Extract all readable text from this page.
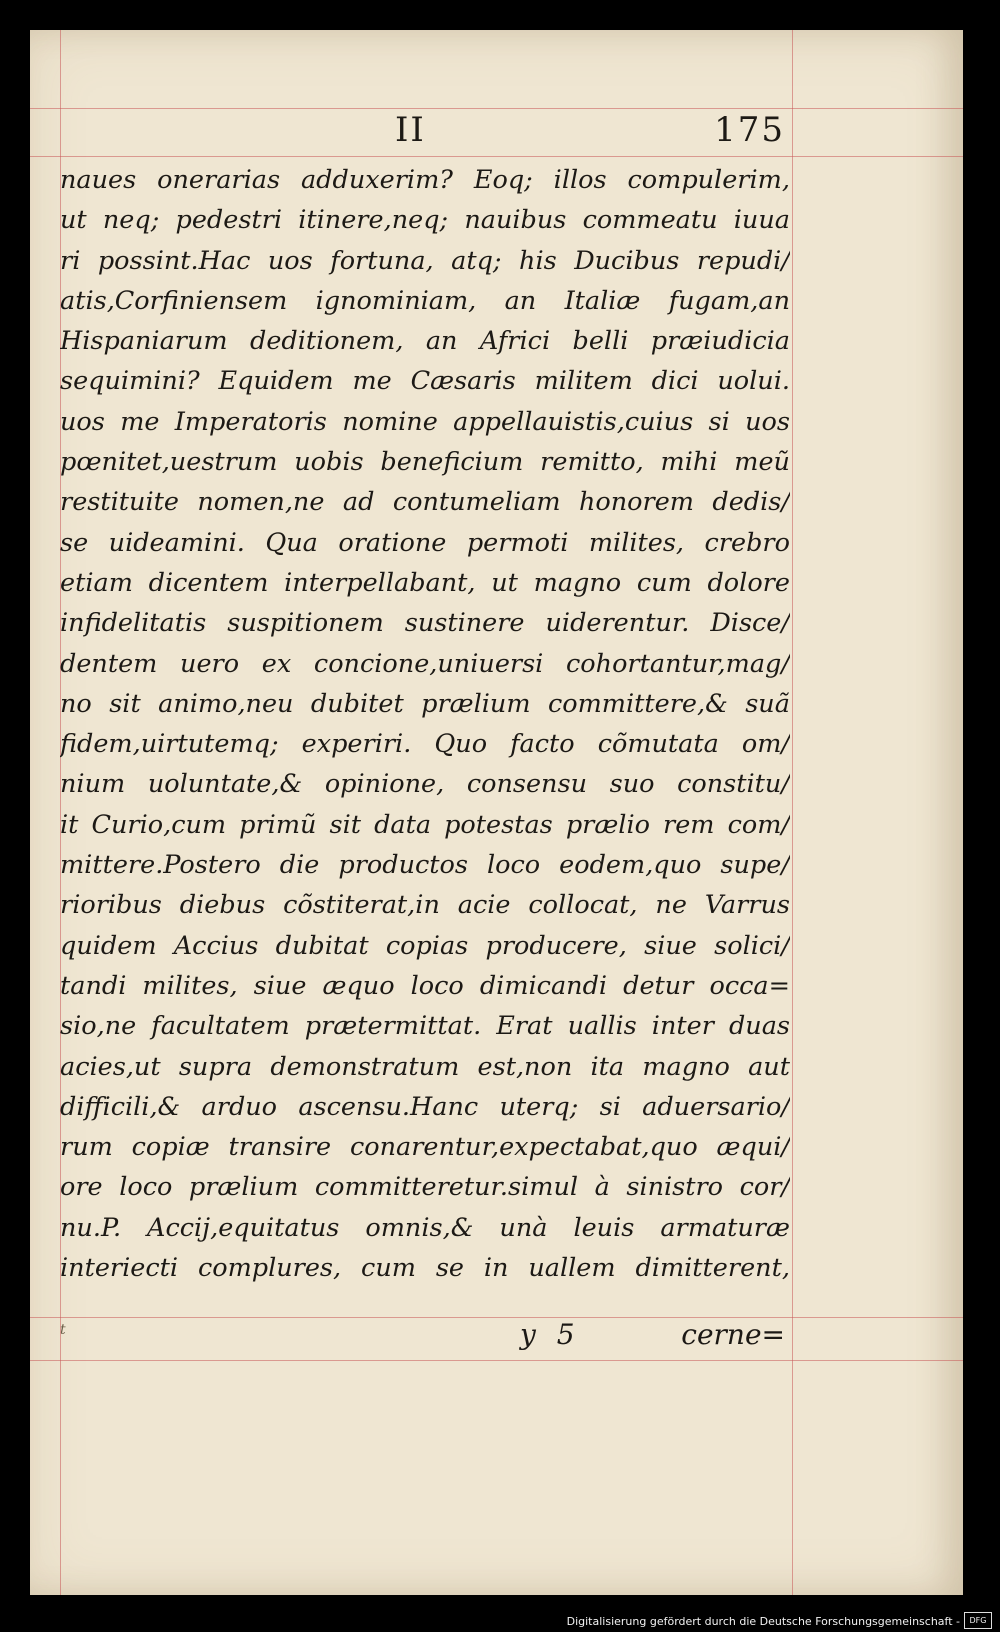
II	175
naues onerarias adduxerim? Eoq; illos compulerim,
ut neq; pedestri itinere,neq; nauibus commeatu iuua
ri possint.Hac uos fortuna, atq; his Ducibus repudi/
atis,Corfiniensem ignominiam, an Italiæ fugam,an
Hispaniarum deditionem, an Africi belli præiudicia
sequimini? Equidem me Cæsaris militem dici uolui.
uos me Imperatoris nomine appellauistis,cuius si uos
pœnitet,uestrum uobis beneficium remitto, mihi meũ
restituite nomen,ne ad contumeliam honorem dedis/
se uideamini. Qua oratione permoti milites, crebro
etiam dicentem interpellabant, ut magno cum dolore
infidelitatis suspitionem sustinere uiderentur. Disce/
dentem uero ex concione,uniuersi cohortantur,mag/
no sit animo,neu dubitet prælium committere,& suã
fidem,uirtutemq; experiri. Quo facto cõmutata om/
nium uoluntate,& opinione, consensu suo constitu/
it Curio,cum primũ sit data potestas prælio rem com/
mittere.Postero die productos loco eodem,quo supe/
rioribus diebus cõstiterat,in acie collocat, ne Varrus
quidem Accius dubitat copias producere, siue solici/
tandi milites, siue æquo loco dimicandi detur occa=
sio,ne facultatem prætermittat. Erat uallis inter duas
acies,ut supra demonstratum est,non ita magno aut
difficili,& arduo ascensu.Hanc uterq; si aduersario/
rum copiæ transire conarentur,expectabat,quo æqui/
ore loco prælium committeretur.simul à sinistro cor/
nu.P. Accij,equitatus omnis,& unà leuis armaturæ
interiecti complures, cum se in uallem dimitterent,
t	y 5	cerne=
Digitalisierung gefördert durch die Deutsche Forschungsgemeinschaft -	DFG
